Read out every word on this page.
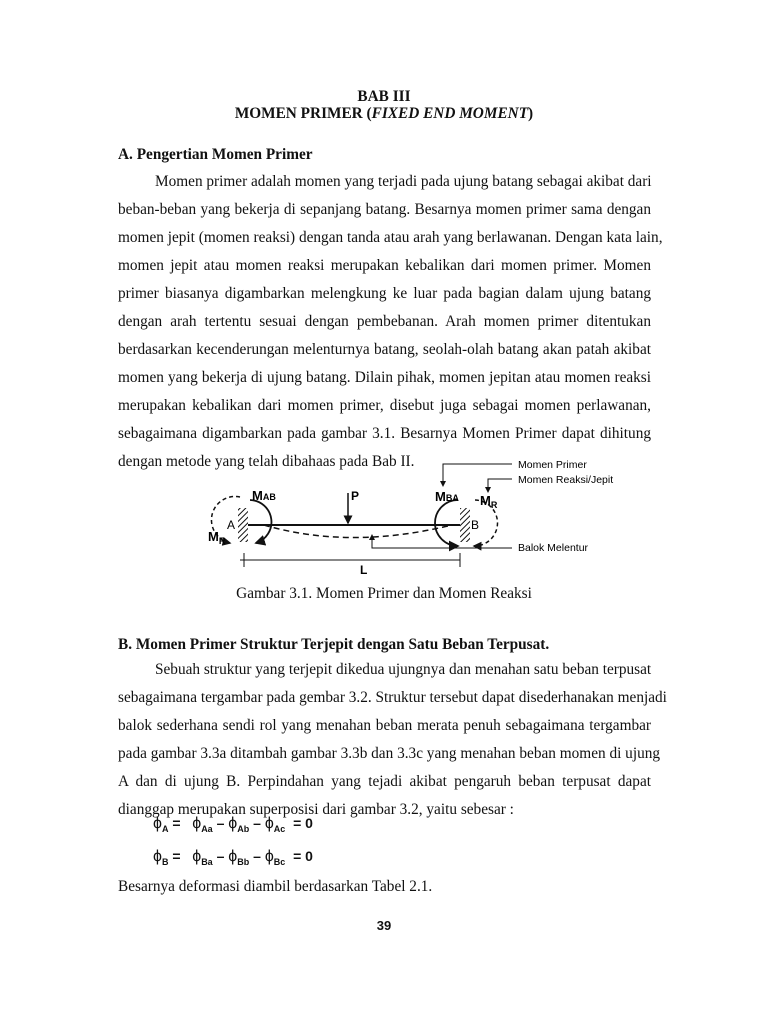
BAB III
MOMEN PRIMER (FIXED END MOMENT)
A. Pengertian Momen Primer
Momen primer adalah momen yang terjadi pada ujung batang sebagai akibat dari
beban-beban yang bekerja di sepanjang batang. Besarnya momen primer sama dengan
momen jepit (momen reaksi) dengan tanda atau arah yang berlawanan. Dengan kata lain,
momen jepit atau momen reaksi merupakan kebalikan dari momen primer. Momen
primer biasanya digambarkan melengkung ke luar pada bagian dalam ujung batang
dengan arah tertentu sesuai dengan pembebanan. Arah momen primer ditentukan
berdasarkan kecenderungan melenturnya batang, seolah-olah batang akan patah akibat
momen yang bekerja di ujung batang. Dilain pihak, momen jepitan atau momen reaksi
merupakan kebalikan dari momen primer, disebut juga sebagai momen perlawanan,
sebagaimana digambarkan pada gambar 3.1. Besarnya Momen Primer dapat dihitung
dengan metode yang telah dibahaas pada Bab II.	Momen Primer
Momen Reaksi/Jepit
Balok Melentur
MAB	MBA $M_R$
$M_R$
P
A	B
L
Gambar 3.1. Momen Primer dan Momen Reaksi
B. Momen Primer Struktur Terjepit dengan Satu Beban Terpusat.
Sebuah struktur yang terjepit dikedua ujungnya dan menahan satu beban terpusat
sebagaimana tergambar pada gembar 3.2. Struktur tersebut dapat disederhanakan menjadi
balok sederhana sendi rol yang menahan beban merata penuh sebagaimana tergambar
pada gambar 3.3a ditambah gambar 3.3b dan 3.3c yang menahan beban momen di ujung
A dan di ujung B. Perpindahan yang tejadi akibat pengaruh beban terpusat dapat
dianggap merupakan superposisi dari gambar 3.2, yaitu sebesar :
$\phi_A = \phi_{Aa} - \phi_{Ab} - \phi_{Ac} = 0$
$\phi_B = \phi_{Ba} - \phi_{Bb} - \phi_{Bc} = 0$
Besarnya deformasi diambil berdasarkan Tabel 2.1.
39
